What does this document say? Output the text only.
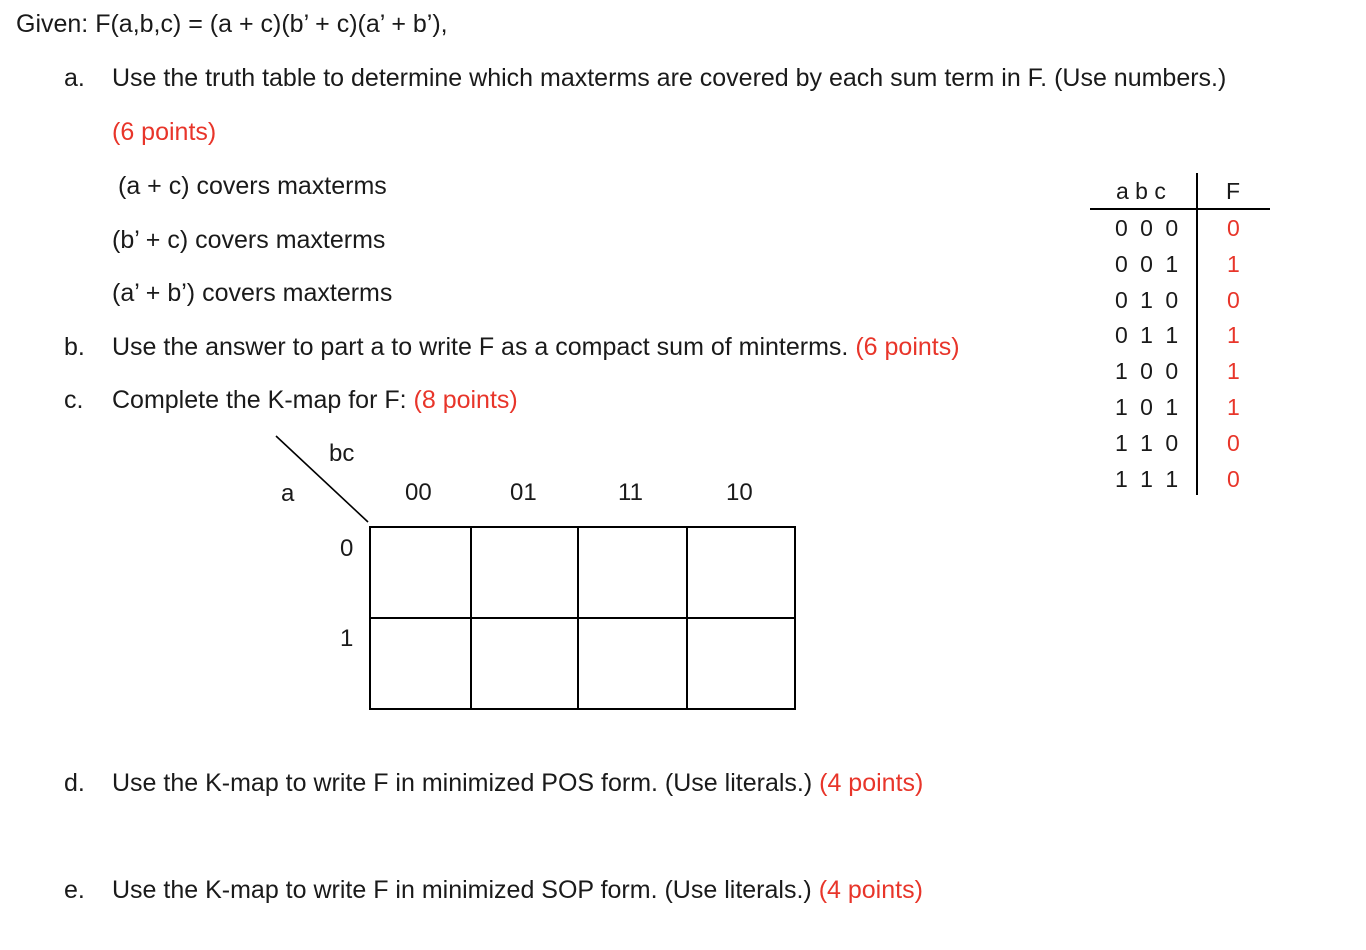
Given: F(a,b,c) = (a + c)(b’ + c)(a’ + b’),
a. Use the truth table to determine which maxterms are covered by each sum term in F. (Use numbers.)
(6 points)
(a + c) covers maxterms
(b’ + c) covers maxterms
(a’ + b’) covers maxterms
b. Use the answer to part a to write F as a compact sum of minterms. (6 points)
c. Complete the K-map for F: (8 points)
bc
a	00	01	11	10
0
1
d. Use the K-map to write F in minimized POS form. (Use literals.) (4 points)
e. Use the K-map to write F in minimized SOP form. (Use literals.) (4 points)
a b c	F
0 0 0 0
0 0 1 1
0 1 0 0
0 1 1 1
1 0 0 1
1 0 1 1
1 1 0 0
1 1 1 0
